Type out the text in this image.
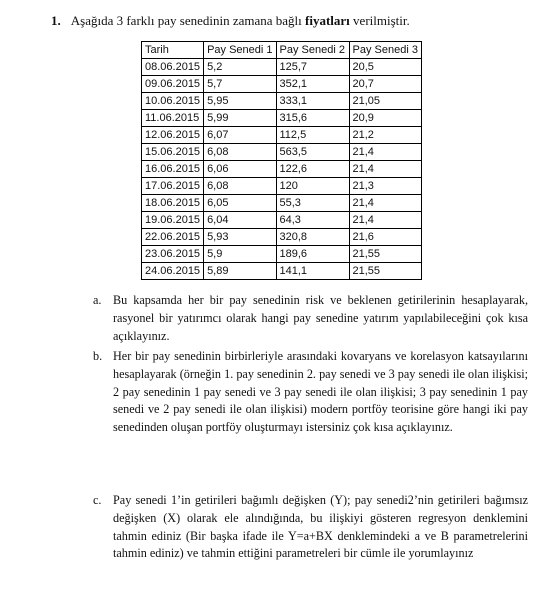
1. Aşağıda 3 farklı pay senedinin zamana bağlı fiyatları verilmiştir.
Tarih	Pay Senedi 1	Pay Senedi 2	Pay Senedi 3
08.06.2015	5,2	125,7	20,5
09.06.2015	5,7	352,1	20,7
10.06.2015	5,95	333,1	21,05
11.06.2015	5,99	315,6	20,9
12.06.2015	6,07	112,5	21,2
15.06.2015	6,08	563,5	21,4
16.06.2015	6,06	122,6	21,4
17.06.2015	6,08	120	21,3
18.06.2015	6,05	55,3	21,4
19.06.2015	6,04	64,3	21,4
22.06.2015	5,93	320,8	21,6
23.06.2015	5,9	189,6	21,55
24.06.2015	5,89	141,1	21,55
a. Bu kapsamda her bir pay senedinin risk ve beklenen getirilerinin hesaplayarak, rasyonel bir yatırımcı olarak hangi pay senedine yatırım yapılabileceğini çok kısa açıklayınız.
b. Her bir pay senedinin birbirleriyle arasındaki kovaryans ve korelasyon katsayılarını hesaplayarak (örneğin 1. pay senedinin 2. pay senedi ve 3 pay senedi ile olan ilişkisi; 2 pay senedinin 1 pay senedi ve 3 pay senedi ile olan ilişkisi; 3 pay senedinin 1 pay senedi ve 2 pay senedi ile olan ilişkisi) modern portföy teorisine göre hangi iki pay senedinden oluşan portföy oluşturmayı istersiniz çok kısa açıklayınız.
c. Pay senedi 1’in getirileri bağımlı değişken (Y); pay senedi2’nin getirileri bağımsız değişken (X) olarak ele alındığında, bu ilişkiyi gösteren regresyon denklemini tahmin ediniz (Bir başka ifade ile Y=a+BX denklemindeki a ve B parametrelerini tahmin ediniz) ve tahmin ettiğini parametreleri bir cümle ile yorumlayınız
